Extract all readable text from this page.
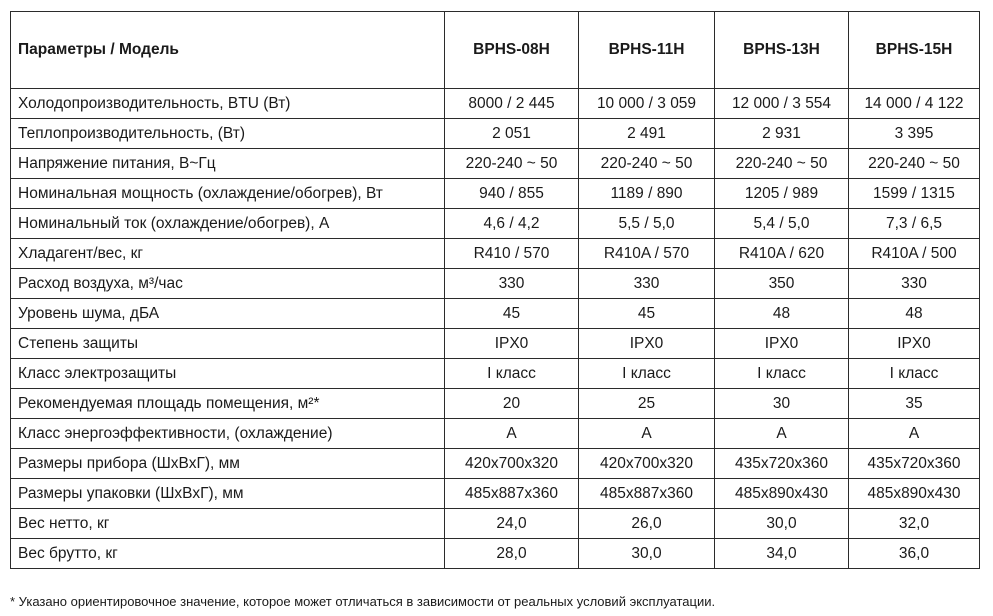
Параметры / Модель	BPHS-08H	BPHS-11H	BPHS-13H	BPHS-15H
Холодопроизводительность, BTU (Вт)	8000 / 2 445	10 000 / 3 059	12 000 / 3 554	14 000 / 4 122
Теплопроизводительность, (Вт)	2 051	2 491	2 931	3 395
Напряжение питания, В~Гц	220-240 ~ 50	220-240 ~ 50	220-240 ~ 50	220-240 ~ 50
Номинальная мощность (охлаждение/обогрев), Вт	940 / 855	1189 / 890	1205 / 989	1599 / 1315
Номинальный ток (охлаждение/обогрев), А	4,6 / 4,2	5,5 / 5,0	5,4 / 5,0	7,3 / 6,5
Хладагент/вес, кг	R410 / 570	R410A / 570	R410A / 620	R410A / 500
Расход воздуха, м³/час	330	330	350	330
Уровень шума, дБА	45	45	48	48
Степень защиты	IPX0	IPX0	IPX0	IPX0
Класс электрозащиты	I класс	I класс	I класс	I класс
Рекомендуемая площадь помещения, м²*	20	25	30	35
Класс энергоэффективности, (охлаждение)	A	A	A	A
Размеры прибора (ШхВхГ), мм	420x700x320	420x700x320	435x720x360	435x720x360
Размеры упаковки (ШхВхГ), мм	485x887x360	485x887x360	485x890x430	485x890x430
Вес нетто, кг	24,0	26,0	30,0	32,0
Вес брутто, кг	28,0	30,0	34,0	36,0
* Указано ориентировочное значение, которое может отличаться в зависимости от реальных условий эксплуатации.
